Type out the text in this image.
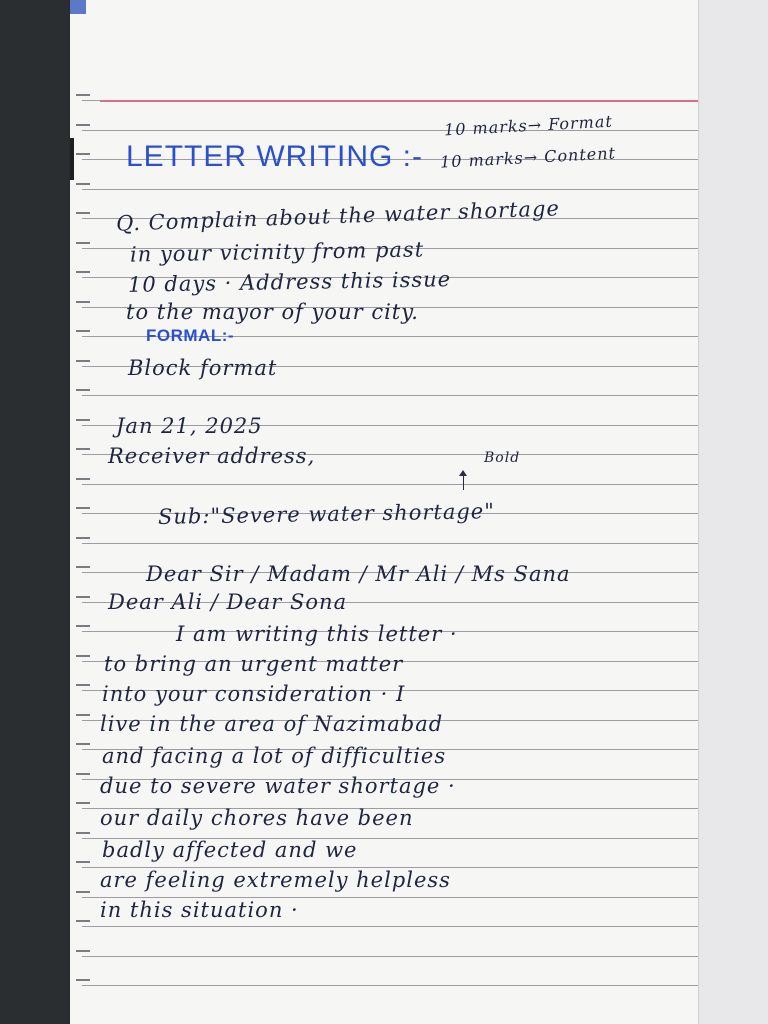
LETTER WRITING :-
10 marks→ Format
10 marks→ Content
Q. Complain about the water shortage
in your vicinity from past
10 days · Address this issue
to the mayor of your city.
FORMAL:-
Block format
Jan 21, 2025
Receiver address,	Bold
Sub:"Severe water shortage"
Dear Sir / Madam / Mr Ali / Ms Sana
Dear Ali / Dear Sona
I am writing this letter ·
to bring an urgent matter
into your consideration · I
live in the area of Nazimabad
and facing a lot of difficulties
due to severe water shortage ·
our daily chores have been
badly affected and we
are feeling extremely helpless
in this situation ·
